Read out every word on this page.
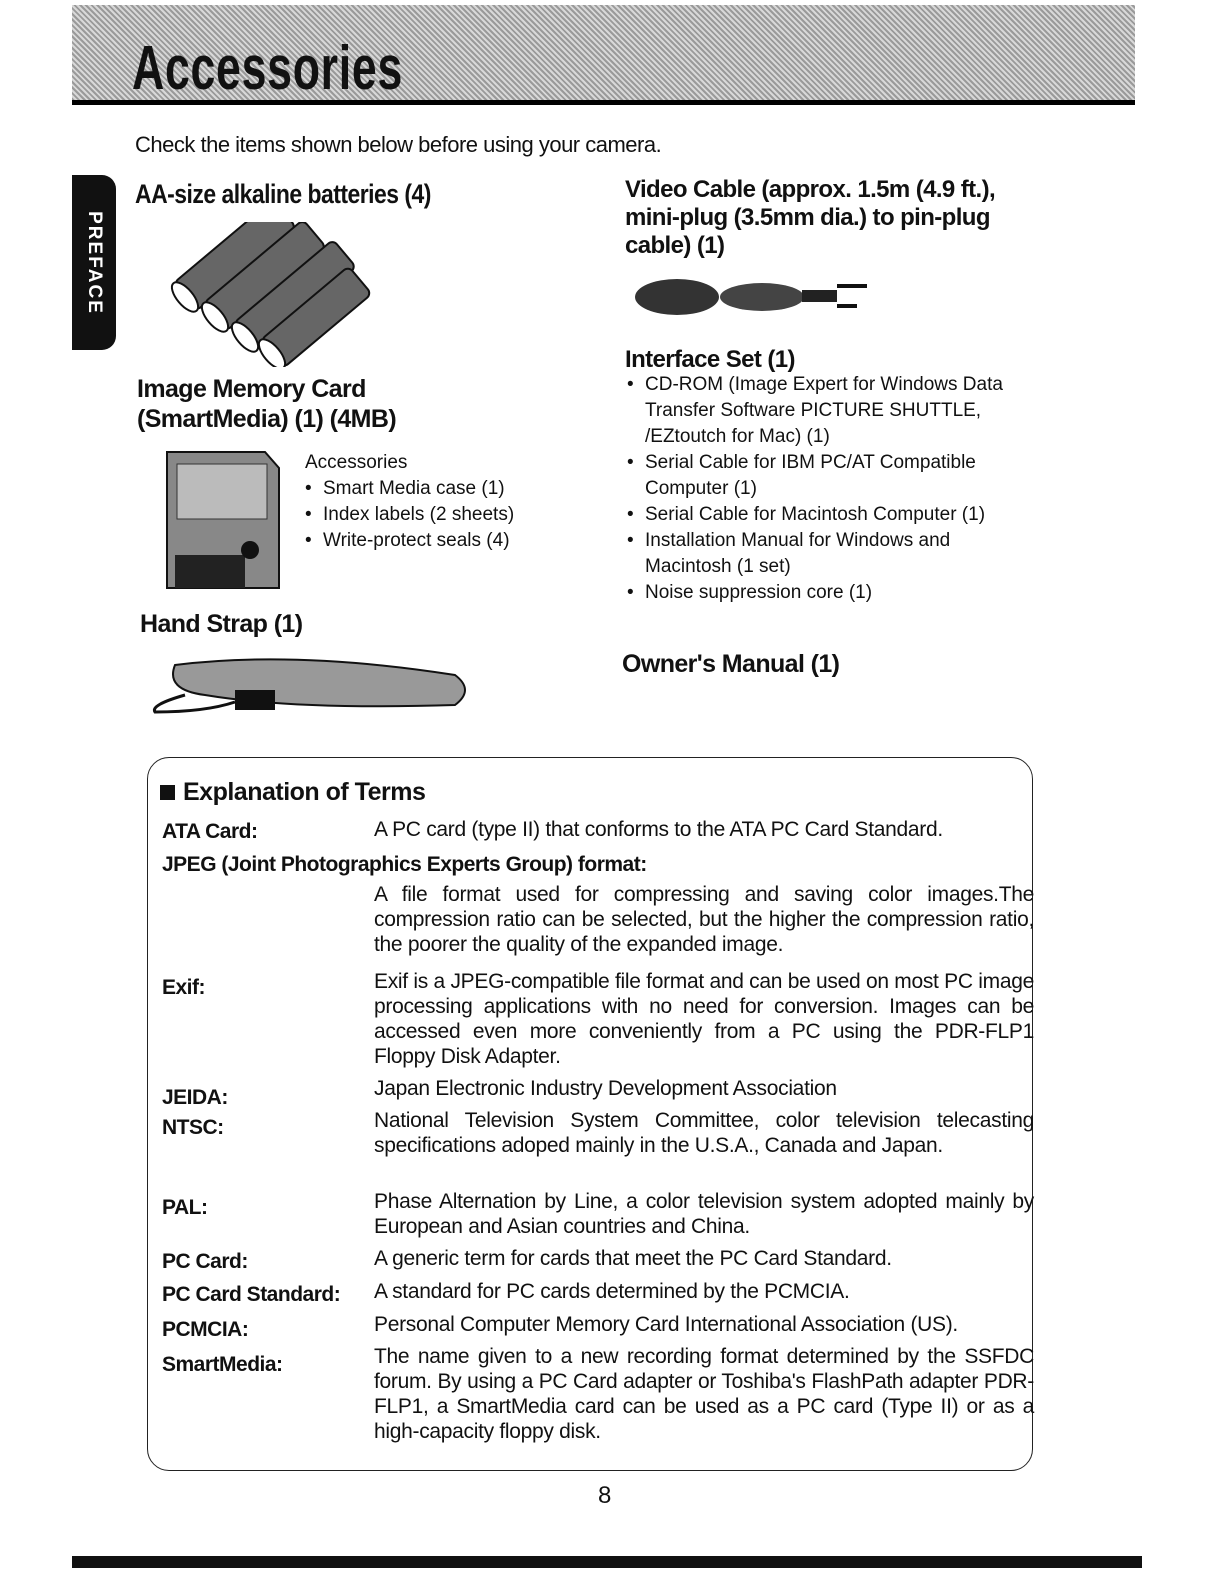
Accessories
Check the items shown below before using your camera.
PREFACE
AA-size alkaline batteries (4)
Image Memory Card
(SmartMedia) (1) (4MB)
Accessories
• Smart Media case (1)
• Index labels (2 sheets)
• Write-protect seals (4)
Hand Strap (1)
Video Cable (approx. 1.5m (4.9 ft.),
mini-plug (3.5mm dia.) to pin-plug
cable) (1)
Interface Set (1)
• CD-ROM (Image Expert for Windows Data
Transfer Software PICTURE SHUTTLE,
/EZtoutch for Mac) (1)
• Serial Cable for IBM PC/AT Compatible
Computer (1)
• Serial Cable for Macintosh Computer (1)
• Installation Manual for Windows and
Macintosh (1 set)
• Noise suppression core (1)
Owner's Manual (1)
Explanation of Terms
ATA Card:	A PC card (type II) that conforms to the ATA PC Card Standard.
JPEG (Joint Photographics Experts Group) format:
A file format used for compressing and saving color images.The compression ratio can be selected, but the higher the compression ratio, the poorer the quality of the expanded image.
Exif:	Exif is a JPEG-compatible file format and can be used on most PC image processing applications with no need for conversion. Images can be accessed even more conveniently from a PC using the PDR-FLP1 Floppy Disk Adapter.
JEIDA:	Japan Electronic Industry Development Association
NTSC:	National Television System Committee, color television telecasting specifications adoped mainly in the U.S.A., Canada and Japan.
PAL:	Phase Alternation by Line, a color television system adopted mainly by European and Asian countries and China.
PC Card:	A generic term for cards that meet the PC Card Standard.
PC Card Standard: A standard for PC cards determined by the PCMCIA.
PCMCIA:	Personal Computer Memory Card International Association (US).
SmartMedia:	The name given to a new recording format determined by the SSFDC forum. By using a PC Card adapter or Toshiba's FlashPath adapter PDR-FLP1, a SmartMedia card can be used as a PC card (Type II) or as a high-capacity floppy disk.
8
